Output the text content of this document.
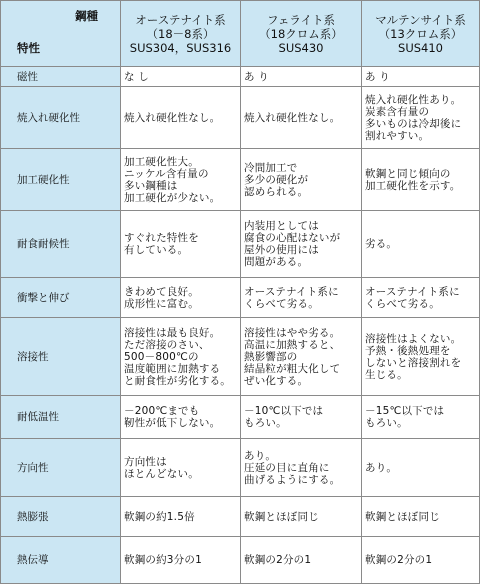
鋼種
特性	オーステナイト系
（18－8系）
SUS304，SUS316	フェライト系
（18クロム系）
SUS430	マルテンサイト系
（13クロム系）
SUS410

磁性	な し	あ り	あ り
焼入れ硬化性	焼入れ硬化性なし。	焼入れ硬化性なし。	焼入れ硬化性あり。
炭素含有量の
多いものは冷却後に
割れやすい。
加工硬化性	加工硬化性大。
ニッケル含有量の
多い鋼種は
加工硬化が少ない。	冷間加工で
多少の硬化が
認められる。	軟鋼と同じ傾向の
加工硬化性を示す。
耐食耐候性	すぐれた特性を
有している。	内装用としては
腐食の心配はないが
屋外の使用には
問題がある。	劣る。
衝撃と伸び	きわめて良好。
成形性に富む。	オーステナイト系に
くらべて劣る。	オーステナイト系に
くらべて劣る。
溶接性	溶接性は最も良好。
ただ溶接のさい、
500－800℃の
温度範囲に加熱する
と耐食性が劣化する。	溶接性はやや劣る。
高温に加熱すると、
熱影響部の
結晶粒が粗大化して
ぜい化する。	溶接性はよくない。
予熱・後熱処理を
しないと溶接割れを
生じる。
耐低温性	－200℃までも
靭性が低下しない。	－10℃以下では
もろい。	－15℃以下では
もろい。
方向性	方向性は
ほとんどない。	あり。
圧延の目に直角に
曲げるようにする。	あり。
熱膨張	軟鋼の約1.5倍	軟鋼とほぼ同じ	軟鋼とほぼ同じ
熱伝導	軟鋼の約3分の1	軟鋼の2分の1	軟鋼の2分の1
